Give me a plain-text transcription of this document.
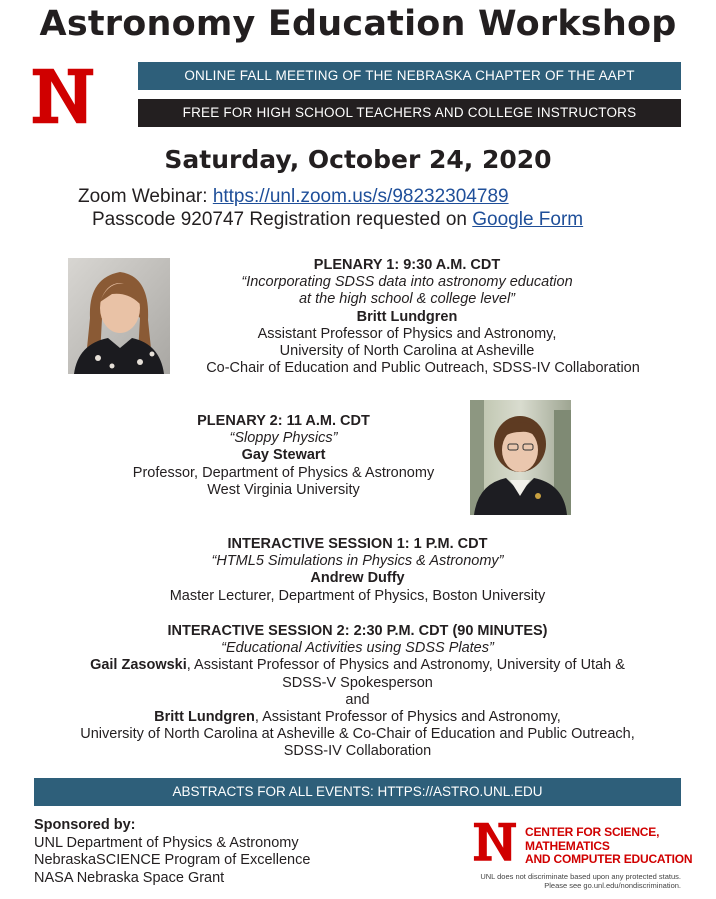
Astronomy Education Workshop
ONLINE FALL MEETING OF THE NEBRASKA CHAPTER OF THE AAPT
FREE FOR HIGH SCHOOL TEACHERS AND COLLEGE INSTRUCTORS
Saturday, October 24, 2020
Zoom Webinar: https://unl.zoom.us/s/98232304789
Passcode 920747 Registration requested on Google Form
PLENARY 1: 9:30 A.M. CDT
“Incorporating SDSS data into astronomy education
at the high school & college level”
Britt Lundgren
Assistant Professor of Physics and Astronomy,
University of North Carolina at Asheville
Co-Chair of Education and Public Outreach, SDSS-IV Collaboration
PLENARY 2: 11 A.M. CDT
“Sloppy Physics”
Gay Stewart
Professor, Department of Physics & Astronomy
West Virginia University
INTERACTIVE SESSION 1: 1 P.M. CDT
“HTML5 Simulations in Physics & Astronomy”
Andrew Duffy
Master Lecturer, Department of Physics, Boston University
INTERACTIVE SESSION 2: 2:30 P.M. CDT (90 MINUTES)
“Educational Activities using SDSS Plates”
Gail Zasowski, Assistant Professor of Physics and Astronomy, University of Utah &
SDSS-V Spokesperson
and
Britt Lundgren, Assistant Professor of Physics and Astronomy,
University of North Carolina at Asheville & Co-Chair of Education and Public Outreach,
SDSS-IV Collaboration
ABSTRACTS FOR ALL EVENTS: HTTPS://ASTRO.UNL.EDU
Sponsored by:
UNL Department of Physics & Astronomy
NebraskaSCIENCE Program of Excellence
NASA Nebraska Space Grant
CENTER FOR SCIENCE, MATHEMATICS
AND COMPUTER EDUCATION
UNL does not discriminate based upon any protected status.
Please see go.unl.edu/nondiscrimination.
